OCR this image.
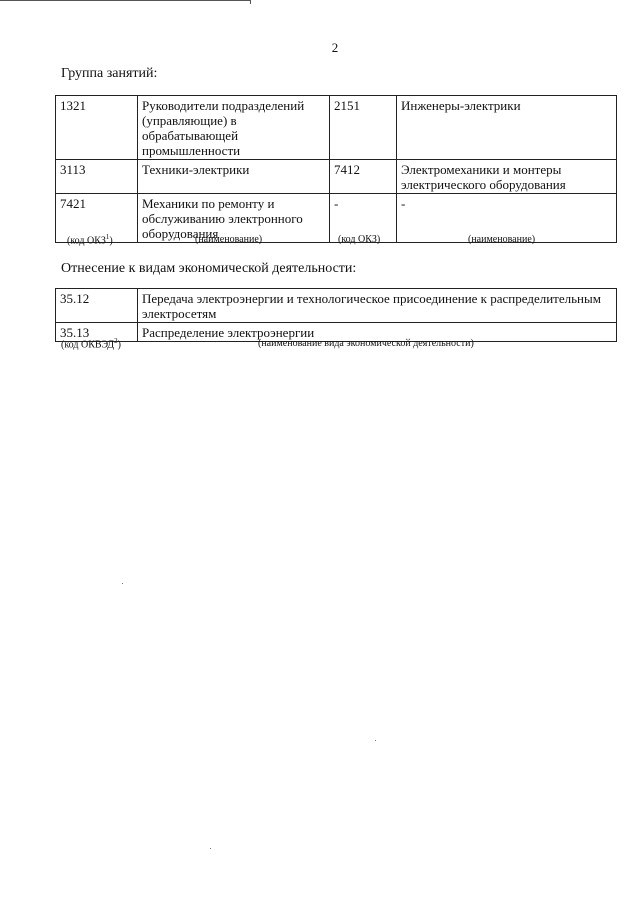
2
Группа занятий:
1321	Руководители подразделений (управляющие) в обрабатывающей промышленности	2151	Инженеры-электрики
3113	Техники-электрики	7412	Электромеханики и монтеры электрического оборудования
7421	Механики по ремонту и обслуживанию электронного оборудования	-	-
(код ОКЗ$^1$)	(наименование)	(код ОКЗ)	(наименование)
Отнесение к видам экономической деятельности:
35.12	Передача электроэнергии и технологическое присоединение к распределительным электросетям
35.13	Распределение электроэнергии
(код ОКВЭД$^2$)	(наименование вида экономической деятельности)
